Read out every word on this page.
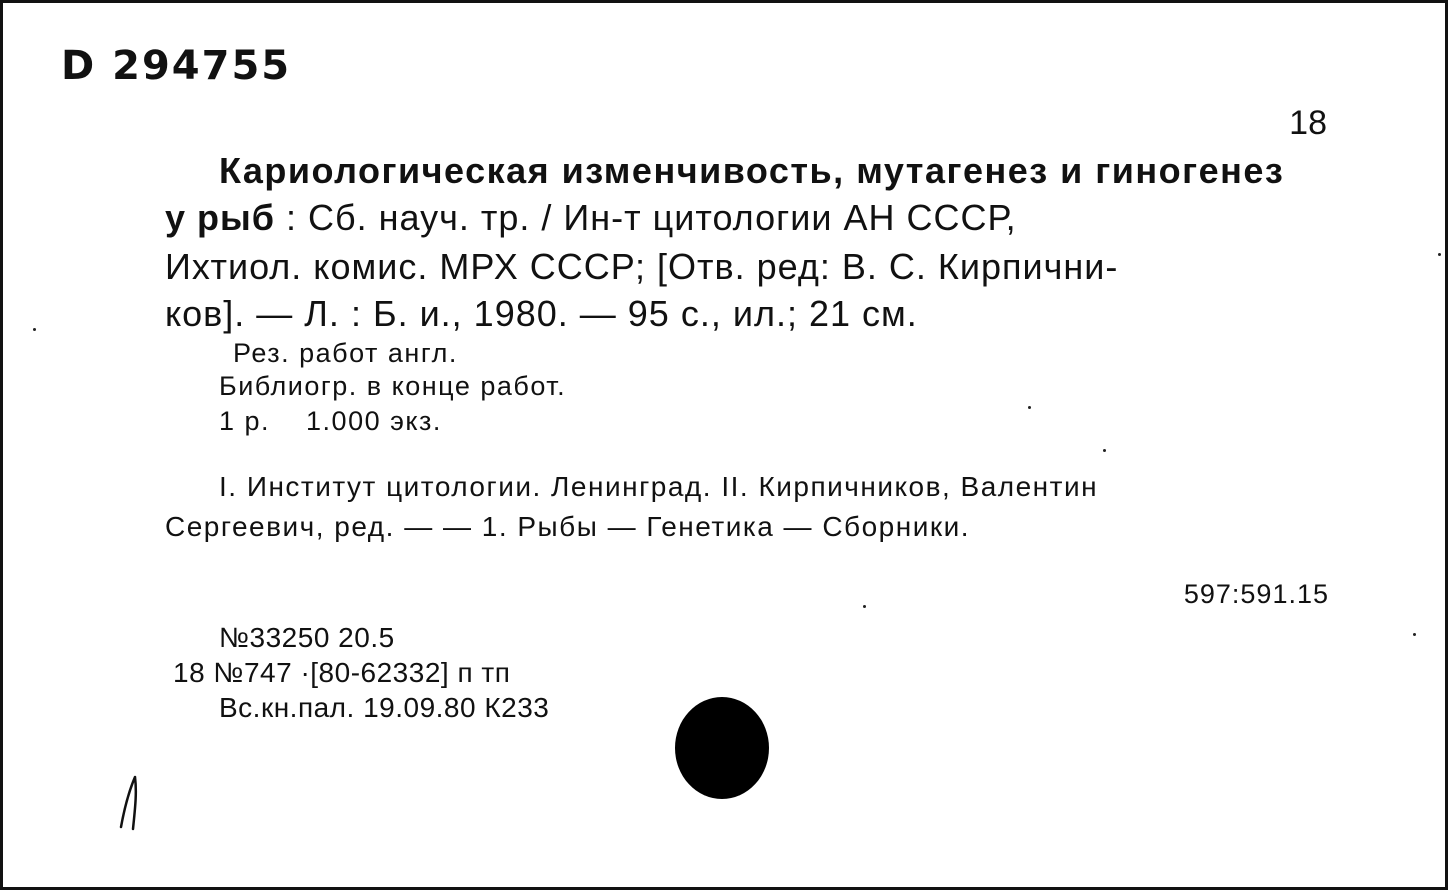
D 294755
18
Кариологическая изменчивость, мутагенез и гиногенез
у рыб : Сб. науч. тр. / Ин-т цитологии АН СССР,
Ихтиол. комис. МРХ СССР; [Отв. ред: В. С. Кирпични-
ков]. — Л. : Б. и., 1980. — 95 с., ил.; 21 см.
Рез. работ англ.
Библиогр. в конце работ.
1 р.    1.000 экз.
I. Институт цитологии. Ленинград. II. Кирпичников, Валентин
Сергеевич, ред. — — 1. Рыбы — Генетика — Сборники.
597:591.15
№33250 20.5
18 №747 ·[80-62332] п тп
Вс.кн.пал. 19.09.80 К233
